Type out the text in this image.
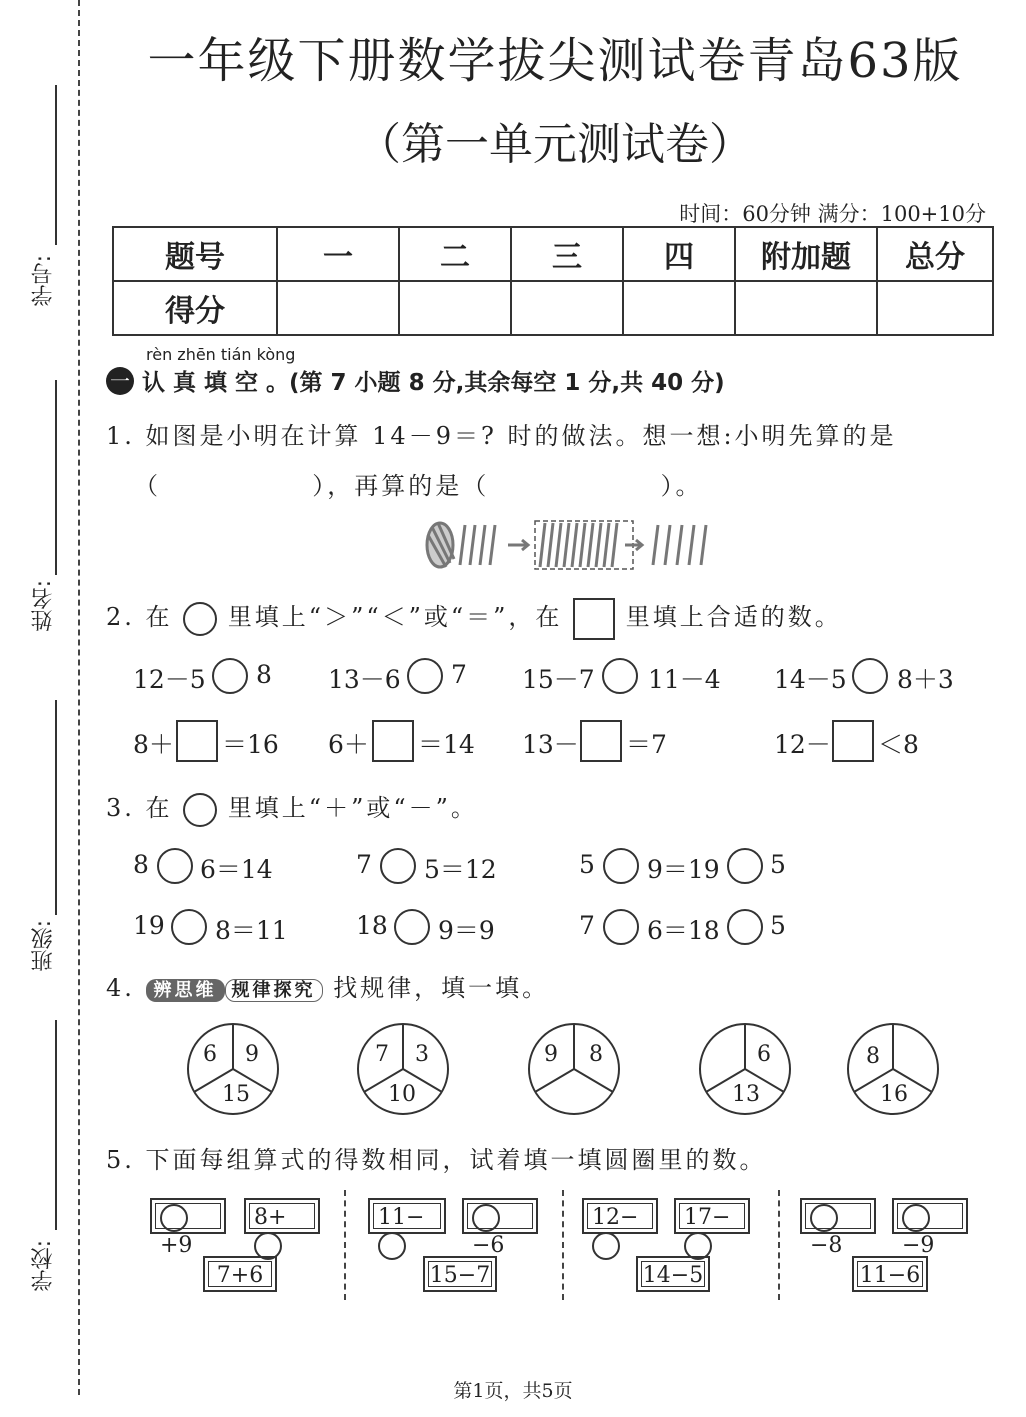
学号:
姓名:
班级:
学校:
一年级下册数学拔尖测试卷青岛63版
（第一单元测试卷）
时间：60分钟 满分：100+10分
题号	一	二	三	四	附加题	总分
得分						
rèn zhēn tián kòng
一 认 真 填 空 。(第 7 小题 8 分,其余每空 1 分,共 40 分)
1. 如图是小明在计算 14－9＝? 时的做法。想一想:小明先算的是
（	），再算的是（	）。
2. 在 里填上“＞”“＜”或“＝”，在	里填上合适的数。
12－5 8 13－6 7 15－7 11－4 14－5 8＋3
8＋ ＝16 6＋ ＝14 13－ ＝7	12－ ＜8
3. 在 里填上“＋”或“－”。
8 6＝14	7 5＝12	5 9＝19 5
19 8＝11	18 9＝9	7 6＝18 5
4. 辨思维 规律探究 找规律，填一填。
6 9
15
7 3
10
9 8	6
13
8
16
5. 下面每组算式的得数相同，试着填一填圆圈里的数。
+9
8+
7+6
11−
−6
15−7
12−	17−
14−5
−8	−9
11−6
第1页，共5页
